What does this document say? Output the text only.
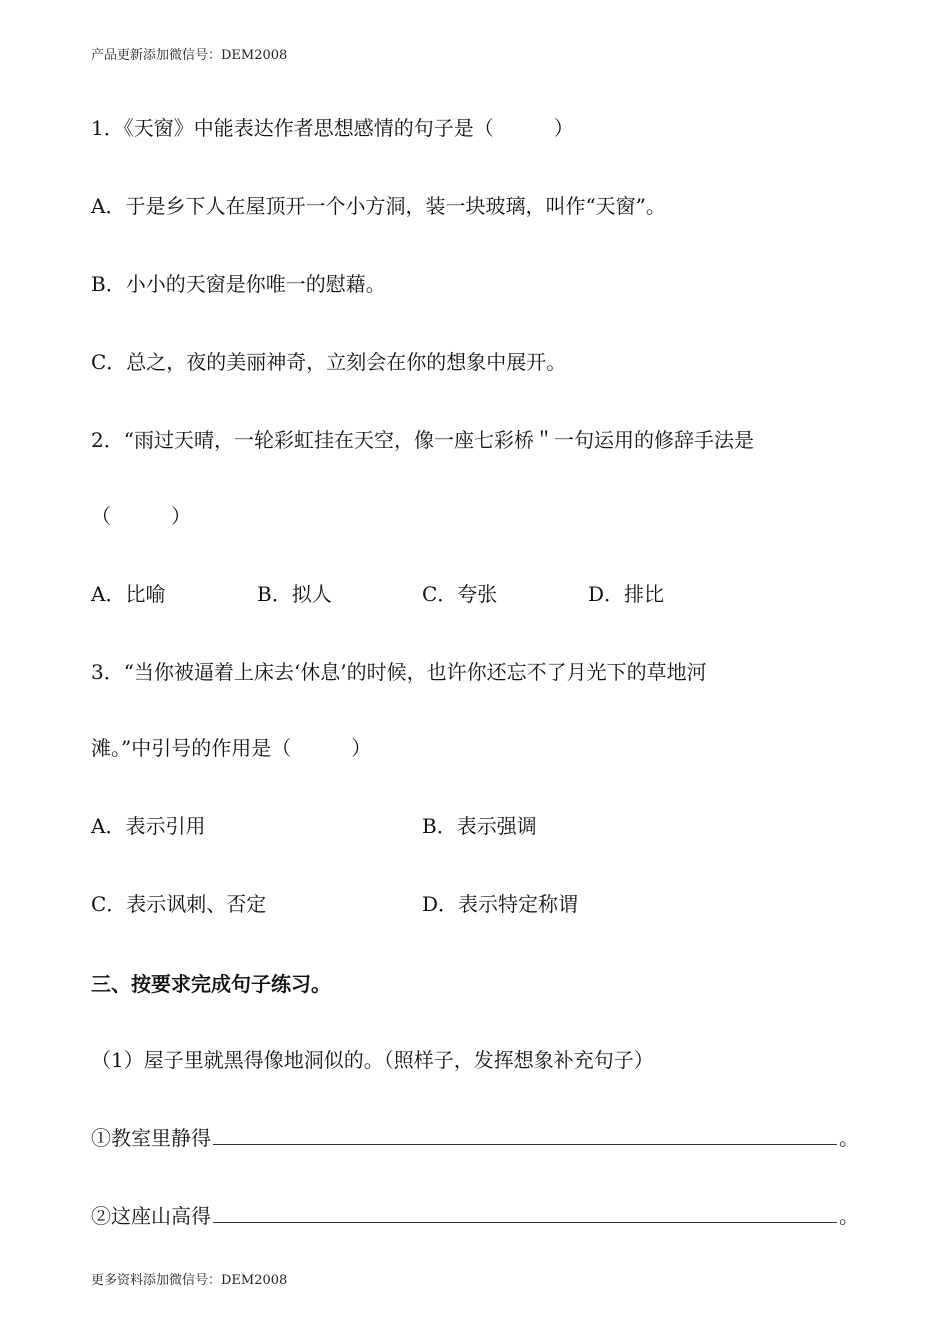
产品更新添加微信号：DEM2008
1．《天窗》中能表达作者思想感情的句子是（　　　）
A．于是乡下人在屋顶开一个小方洞，装一块玻璃，叫作“天窗”。
B．小小的天窗是你唯一的慰藉。
C．总之，夜的美丽神奇，立刻会在你的想象中展开。
2．“雨过天晴，一轮彩虹挂在天空，像一座七彩桥＂一句运用的修辞手法是
（　　　）
A．比喻	B．拟人	C．夸张	D．排比
3．“当你被逼着上床去‘休息’的时候，也许你还忘不了月光下的草地河
滩。”中引号的作用是（　　　）
A．表示引用	B．表示强调
C．表示讽刺、否定	D．表示特定称谓
三、按要求完成句子练习。
（1）屋子里就黑得像地洞似的。（照样子，发挥想象补充句子）
①教室里静得	。
②这座山高得	。
更多资料添加微信号：DEM2008
